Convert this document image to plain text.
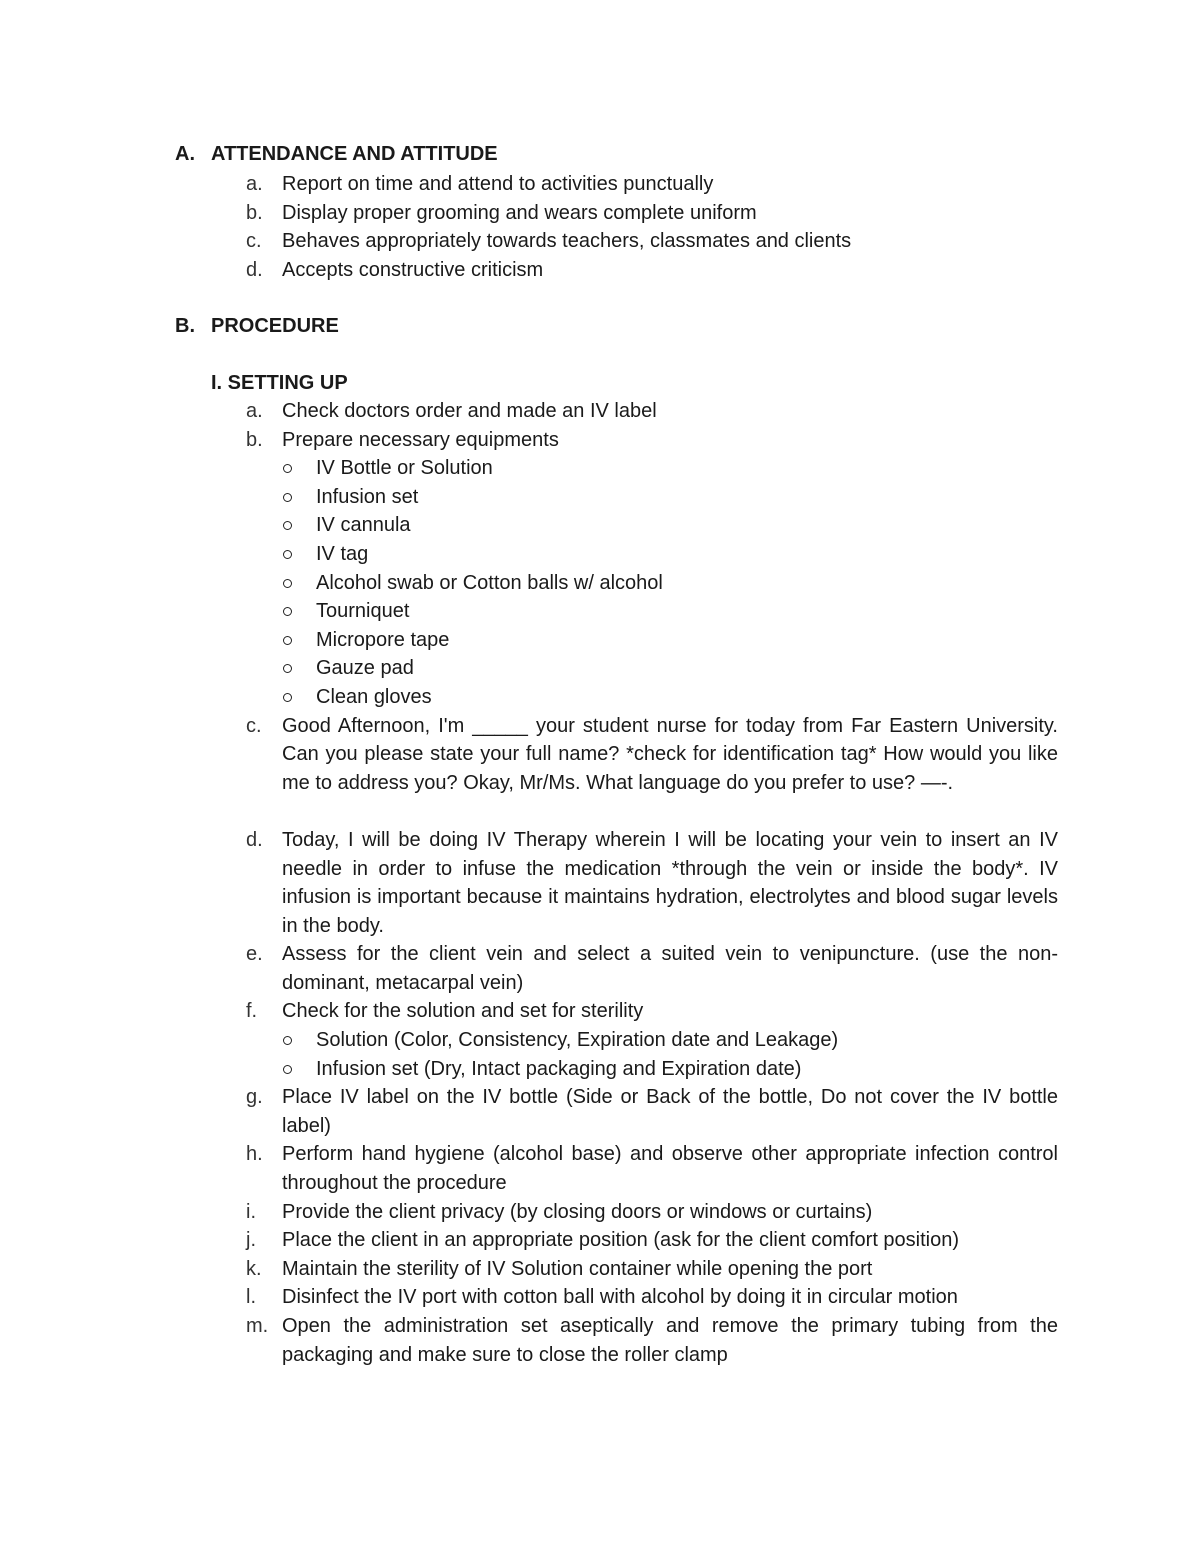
A. ATTENDANCE AND ATTITUDE
a. Report on time and attend to activities punctually
b. Display proper grooming and wears complete uniform
c.	Behaves appropriately towards teachers, classmates and clients
d. Accepts constructive criticism
B. PROCEDURE
I. SETTING UP
a. Check doctors order and made an IV label
b. Prepare necessary equipments
IV Bottle or Solution
Infusion set
IV cannula
IV tag
Alcohol swab or Cotton balls w/ alcohol
Tourniquet
Micropore tape
Gauze pad
Clean gloves
c.	Good Afternoon, I'm _____ your student nurse for today from Far Eastern University. Can you please state your full name? *check for identification tag* How would you like me to address you? Okay, Mr/Ms. What language do you prefer to use? —-.
d. Today, I will be doing IV Therapy wherein I will be locating your vein to insert an IV needle in order to infuse the medication *through the vein or inside the body*. IV infusion is important because it maintains hydration, electrolytes and blood sugar levels in the body.
e. Assess for the client vein and select a suited vein to venipuncture. (use the non-dominant, metacarpal vein)
f.	Check for the solution and set for sterility
Solution (Color, Consistency, Expiration date and Leakage)
Infusion set (Dry, Intact packaging and Expiration date)
g. Place IV label on the IV bottle (Side or Back of the bottle, Do not cover the IV bottle label)
h. Perform hand hygiene (alcohol base) and observe other appropriate infection control throughout the procedure
i.	Provide the client privacy (by closing doors or windows or curtains)
j.	Place the client in an appropriate position (ask for the client comfort position)
k.	Maintain the sterility of IV Solution container while opening the port
l.	Disinfect the IV port with cotton ball with alcohol by doing it in circular motion
m. Open the administration set aseptically and remove the primary tubing from the packaging and make sure to close the roller clamp
